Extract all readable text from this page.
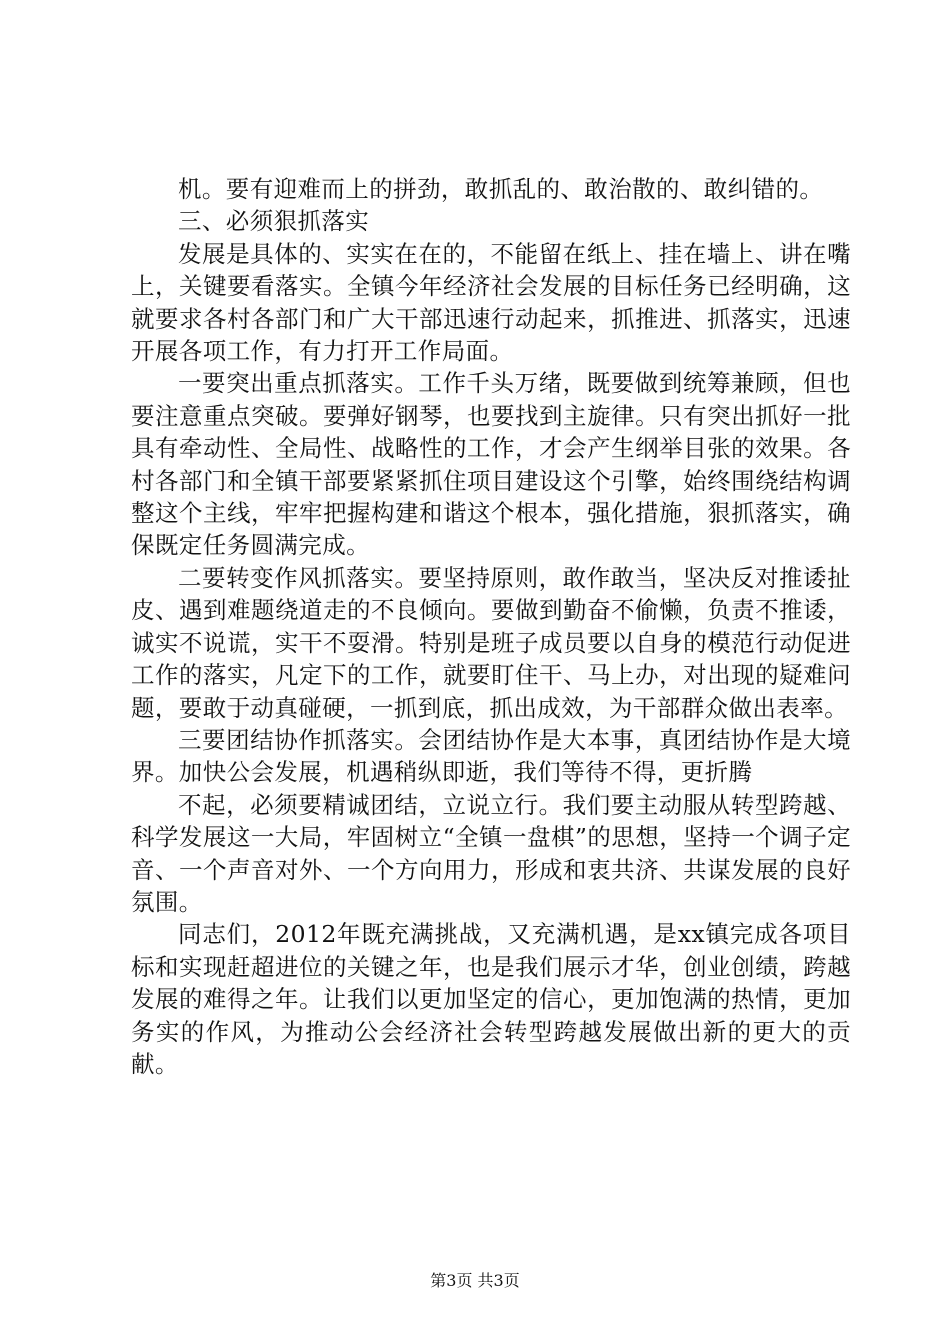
机。要有迎难而上的拼劲，敢抓乱的、敢治散的、敢纠错的。

三、必须狠抓落实

发展是具体的、实实在在的，不能留在纸上、挂在墙上、讲在嘴上，关键要看落实。全镇今年经济社会发展的目标任务已经明确，这就要求各村各部门和广大干部迅速行动起来，抓推进、抓落实，迅速开展各项工作，有力打开工作局面。

一要突出重点抓落实。工作千头万绪，既要做到统筹兼顾，但也要注意重点突破。要弹好钢琴，也要找到主旋律。只有突出抓好一批具有牵动性、全局性、战略性的工作，才会产生纲举目张的效果。各村各部门和全镇干部要紧紧抓住项目建设这个引擎，始终围绕结构调整这个主线，牢牢把握构建和谐这个根本，强化措施，狠抓落实，确保既定任务圆满完成。

二要转变作风抓落实。要坚持原则，敢作敢当，坚决反对推诿扯皮、遇到难题绕道走的不良倾向。要做到勤奋不偷懒，负责不推诿，诚实不说谎，实干不耍滑。特别是班子成员要以自身的模范行动促进工作的落实，凡定下的工作，就要盯住干、马上办，对出现的疑难问题，要敢于动真碰硬，一抓到底，抓出成效，为干部群众做出表率。

三要团结协作抓落实。会团结协作是大本事，真团结协作是大境界。加快公会发展，机遇稍纵即逝，我们等待不得，更折腾

不起，必须要精诚团结，立说立行。我们要主动服从转型跨越、科学发展这一大局，牢固树立“全镇一盘棋”的思想，坚持一个调子定音、一个声音对外、一个方向用力，形成和衷共济、共谋发展的良好氛围。

同志们，2012年既充满挑战，又充满机遇，是xx镇完成各项目标和实现赶超进位的关键之年，也是我们展示才华，创业创绩，跨越发展的难得之年。让我们以更加坚定的信心，更加饱满的热情，更加务实的作风，为推动公会经济社会转型跨越发展做出新的更大的贡献。

第3页 共3页
